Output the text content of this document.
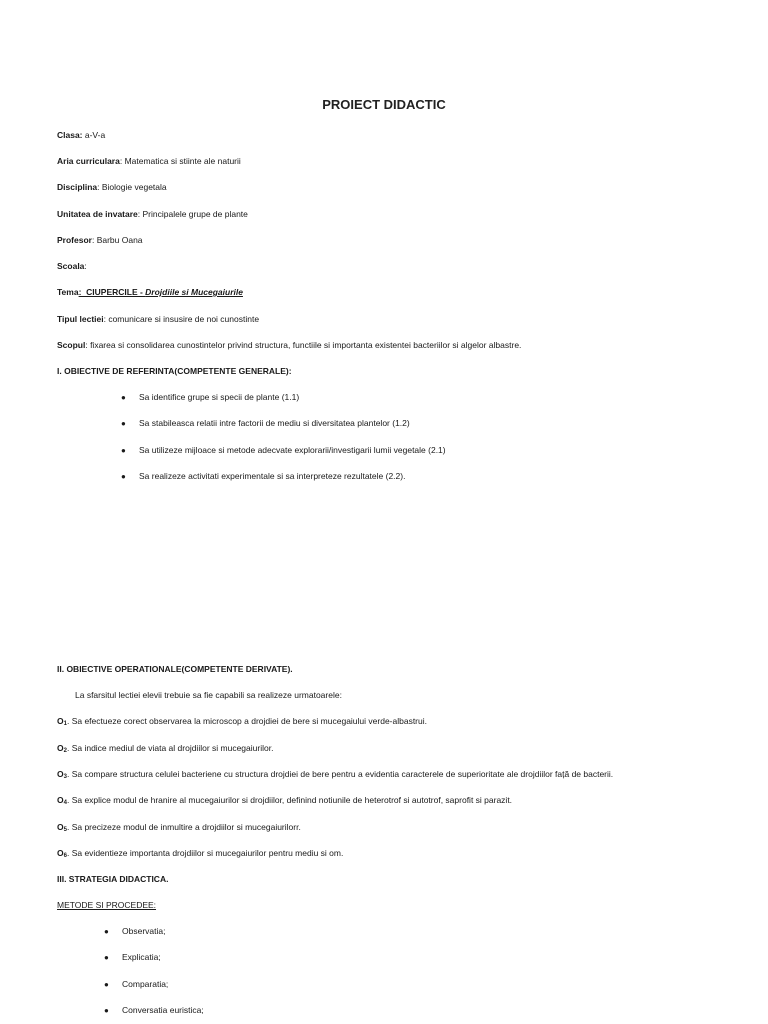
PROIECT DIDACTIC
Clasa: a-V-a
Aria curriculara: Matematica si stiinte ale naturii
Disciplina: Biologie vegetala
Unitatea de invatare: Principalele grupe de plante
Profesor: Barbu Oana
Scoala:
Tema:  CIUPERCILE - Drojdiile si Mucegaiurile
Tipul lectiei: comunicare si insusire de noi cunostinte
Scopul: fixarea si consolidarea cunostintelor privind structura, functiile si importanta existentei bacteriilor si algelor albastre.
I. OBIECTIVE DE REFERINTA(COMPETENTE GENERALE):
● Sa identifice grupe si specii de plante (1.1)
● Sa stabileasca relatii intre factorii de mediu si diversitatea plantelor (1.2)
● Sa utilizeze mijloace si metode adecvate explorarii/investigarii lumii vegetale (2.1)
● Sa realizeze activitati experimentale si sa interpreteze rezultatele (2.2).
II. OBIECTIVE OPERATIONALE(COMPETENTE DERIVATE).
La sfarsitul lectiei elevii trebuie sa fie capabili sa realizeze urmatoarele:
O1. Sa efectueze corect observarea la microscop a drojdiei de bere si mucegaiului verde-albastrui.
O2. Sa indice mediul de viata al drojdiilor si mucegaiurilor.
O3. Sa compare structura celulei bacteriene cu structura drojdiei de bere pentru a evidentia caracterele de superioritate ale drojdiilor față de bacterii.
O4. Sa explice modul de hranire al mucegaiurilor si drojdiilor, definind notiunile de heterotrof si autotrof, saprofit si parazit.
O5. Sa precizeze modul de inmultire a drojdiilor si mucegaiurilorr.
O6. Sa evidentieze importanta drojdiilor si mucegaiurilor pentru mediu si om.
III. STRATEGIA DIDACTICA.
METODE SI PROCEDEE:
● Observatia;
● Explicatia;
● Comparatia;
● Conversatia euristica;
